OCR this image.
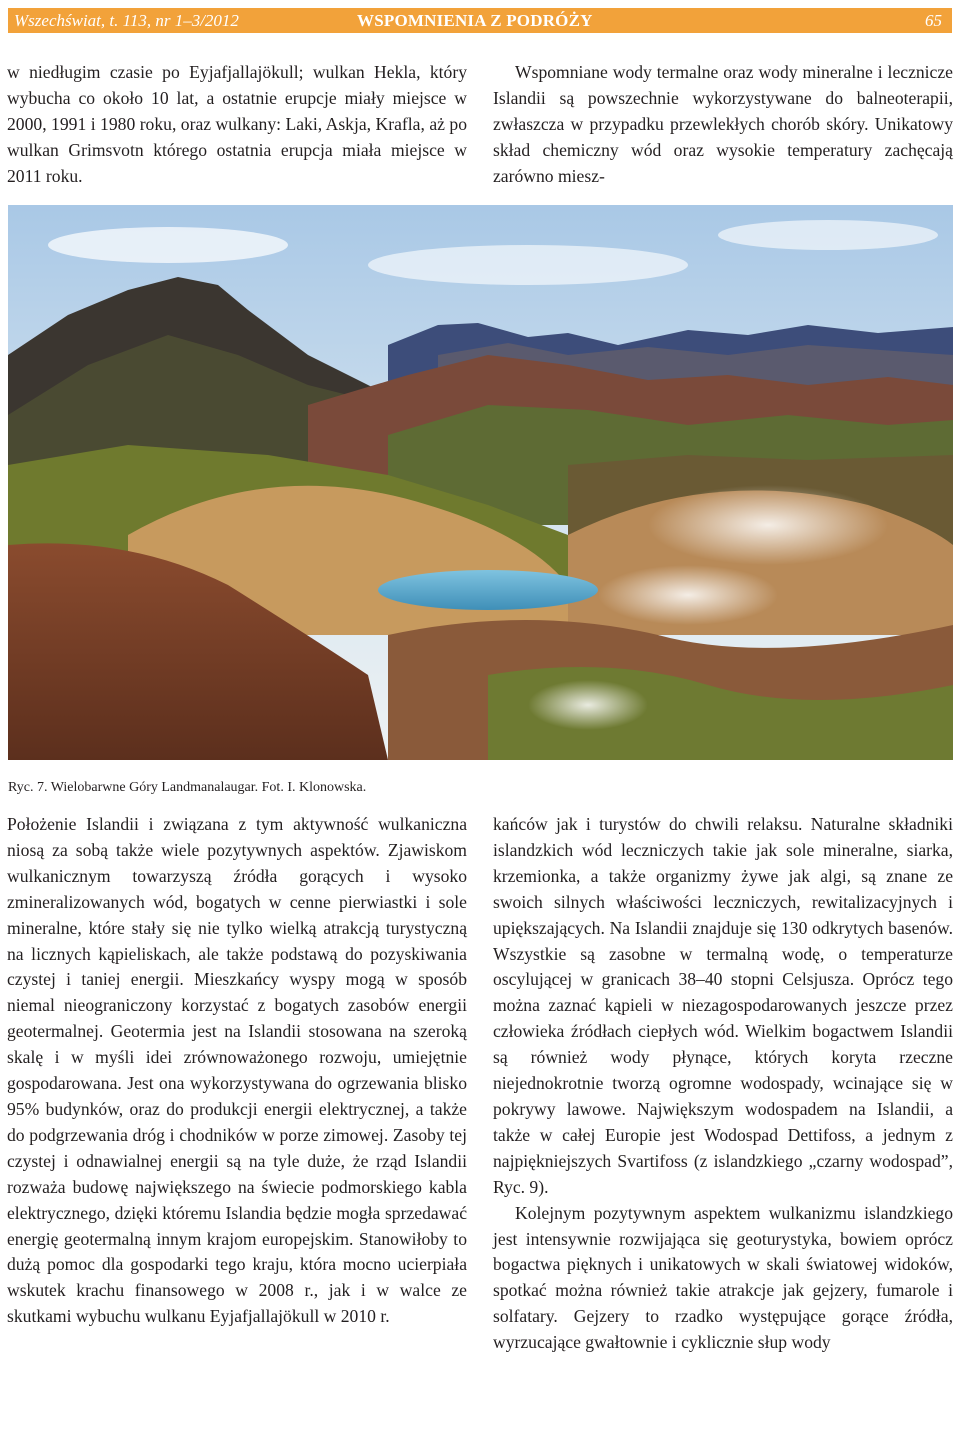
Wszechświat, t. 113, nr 1–3/2012	WSPOMNIENIA Z PODRÓŻY	65

w niedługim czasie po Eyjafjallajökull; wulkan Hekla, który wybucha co około 10 lat, a ostatnie erupcje miały miejsce w 2000, 1991 i 1980 roku, oraz wulkany: Laki, Askja, Krafla, aż po wulkan Grimsvotn którego ostatnia erupcja miała miejsce w 2011 roku.

Wspomniane wody termalne oraz wody mineralne i lecznicze Islandii są powszechnie wykorzystywane do balneoterapii, zwłaszcza w przypadku przewlekłych chorób skóry. Unikatowy skład chemiczny wód oraz wysokie temperatury zachęcają zarówno miesz-

Ryc. 7. Wielobarwne Góry Landmanalaugar. Fot. I. Klonowska.

Położenie Islandii i związana z tym aktywność wulkaniczna niosą za sobą także wiele pozytywnych aspektów. Zjawiskom wulkanicznym towarzyszą źródła gorących i wysoko zmineralizowanych wód, bogatych w cenne pierwiastki i sole mineralne, które stały się nie tylko wielką atrakcją turystyczną na licznych kąpieliskach, ale także podstawą do pozyskiwania czystej i taniej energii. Mieszkańcy wyspy mogą w sposób niemal nieograniczony korzystać z bogatych zasobów energii geotermalnej. Geotermia jest na Islandii stosowana na szeroką skalę i w myśli idei zrównoważonego rozwoju, umiejętnie gospodarowana. Jest ona wykorzystywana do ogrzewania blisko 95% budynków, oraz do produkcji energii elektrycznej, a także do podgrzewania dróg i chodników w porze zimowej. Zasoby tej czystej i odnawialnej energii są na tyle duże, że rząd Islandii rozważa budowę największego na świecie podmorskiego kabla elektrycznego, dzięki któremu Islandia będzie mogła sprzedawać energię geotermalną innym krajom europejskim. Stanowiłoby to dużą pomoc dla gospodarki tego kraju, która mocno ucierpiała wskutek krachu finansowego w 2008 r., jak i w walce ze skutkami wybuchu wulkanu Eyjafjallajökull w 2010 r.

kańców jak i turystów do chwili relaksu. Naturalne składniki islandzkich wód leczniczych takie jak sole mineralne, siarka, krzemionka, a także organizmy żywe jak algi, są znane ze swoich silnych właściwości leczniczych, rewitalizacyjnych i upiększających. Na Islandii znajduje się 130 odkrytych basenów. Wszystkie są zasobne w termalną wodę, o temperaturze oscylującej w granicach 38–40 stopni Celsjusza. Oprócz tego można zaznać kąpieli w niezagospodarowanych jeszcze przez człowieka źródłach ciepłych wód. Wielkim bogactwem Islandii są również wody płynące, których koryta rzeczne niejednokrotnie tworzą ogromne wodospady, wcinające się w pokrywy lawowe. Największym wodospadem na Islandii, a także w całej Europie jest Wodospad Dettifoss, a jednym z najpiękniejszych Svartifoss (z islandzkiego „czarny wodospad”, Ryc. 9).

Kolejnym pozytywnym aspektem wulkanizmu islandzkiego jest intensywnie rozwijająca się geoturystyka, bowiem oprócz bogactwa pięknych i unikatowych w skali światowej widoków, spotkać można również takie atrakcje jak gejzery, fumarole i solfatary. Gejzery to rzadko występujące gorące źródła, wyrzucające gwałtownie i cyklicznie słup wody
